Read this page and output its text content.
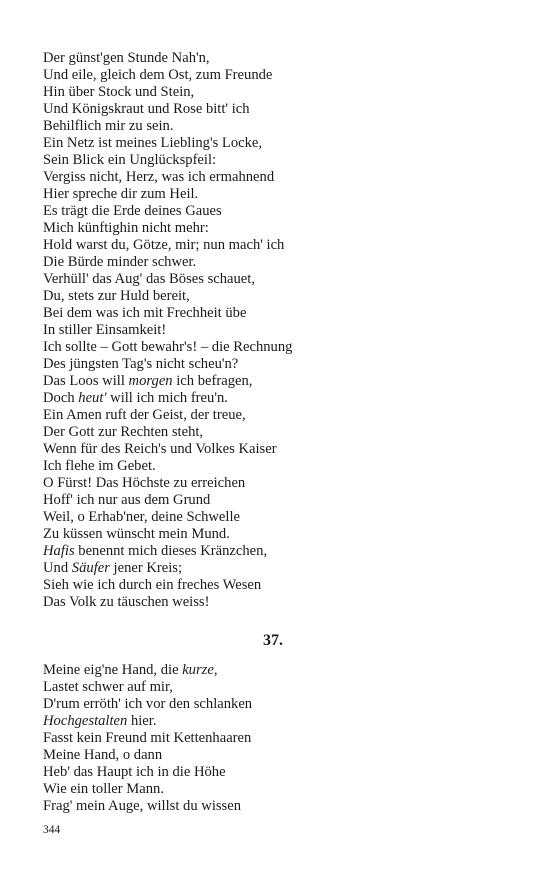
Der günst'gen Stunde Nah'n,
Und eile, gleich dem Ost, zum Freunde
Hin über Stock und Stein,
Und Königskraut und Rose bitt' ich
Behilflich mir zu sein.
Ein Netz ist meines Liebling's Locke,
Sein Blick ein Unglückspfeil:
Vergiss nicht, Herz, was ich ermahnend
Hier spreche dir zum Heil.
Es trägt die Erde deines Gaues
Mich künftighin nicht mehr:
Hold warst du, Götze, mir; nun mach' ich
Die Bürde minder schwer.
Verhüll' das Aug' das Böses schauet,
Du, stets zur Huld bereit,
Bei dem was ich mit Frechheit übe
In stiller Einsamkeit!
Ich sollte – Gott bewahr's! – die Rechnung
Des jüngsten Tag's nicht scheu'n?
Das Loos will morgen ich befragen,
Doch heut' will ich mich freu'n.
Ein Amen ruft der Geist, der treue,
Der Gott zur Rechten steht,
Wenn für des Reich's und Volkes Kaiser
Ich flehe im Gebet.
O Fürst! Das Höchste zu erreichen
Hoff' ich nur aus dem Grund
Weil, o Erhab'ner, deine Schwelle
Zu küssen wünscht mein Mund.
Hafis benennt mich dieses Kränzchen,
Und Säufer jener Kreis;
Sieh wie ich durch ein freches Wesen
Das Volk zu täuschen weiss!
37.
Meine eig'ne Hand, die kurze,
Lastet schwer auf mir,
D'rum erröth' ich vor den schlanken
Hochgestalten hier.
Fasst kein Freund mit Kettenhaaren
Meine Hand, o dann
Heb' das Haupt ich in die Höhe
Wie ein toller Mann.
Frag' mein Auge, willst du wissen
344
